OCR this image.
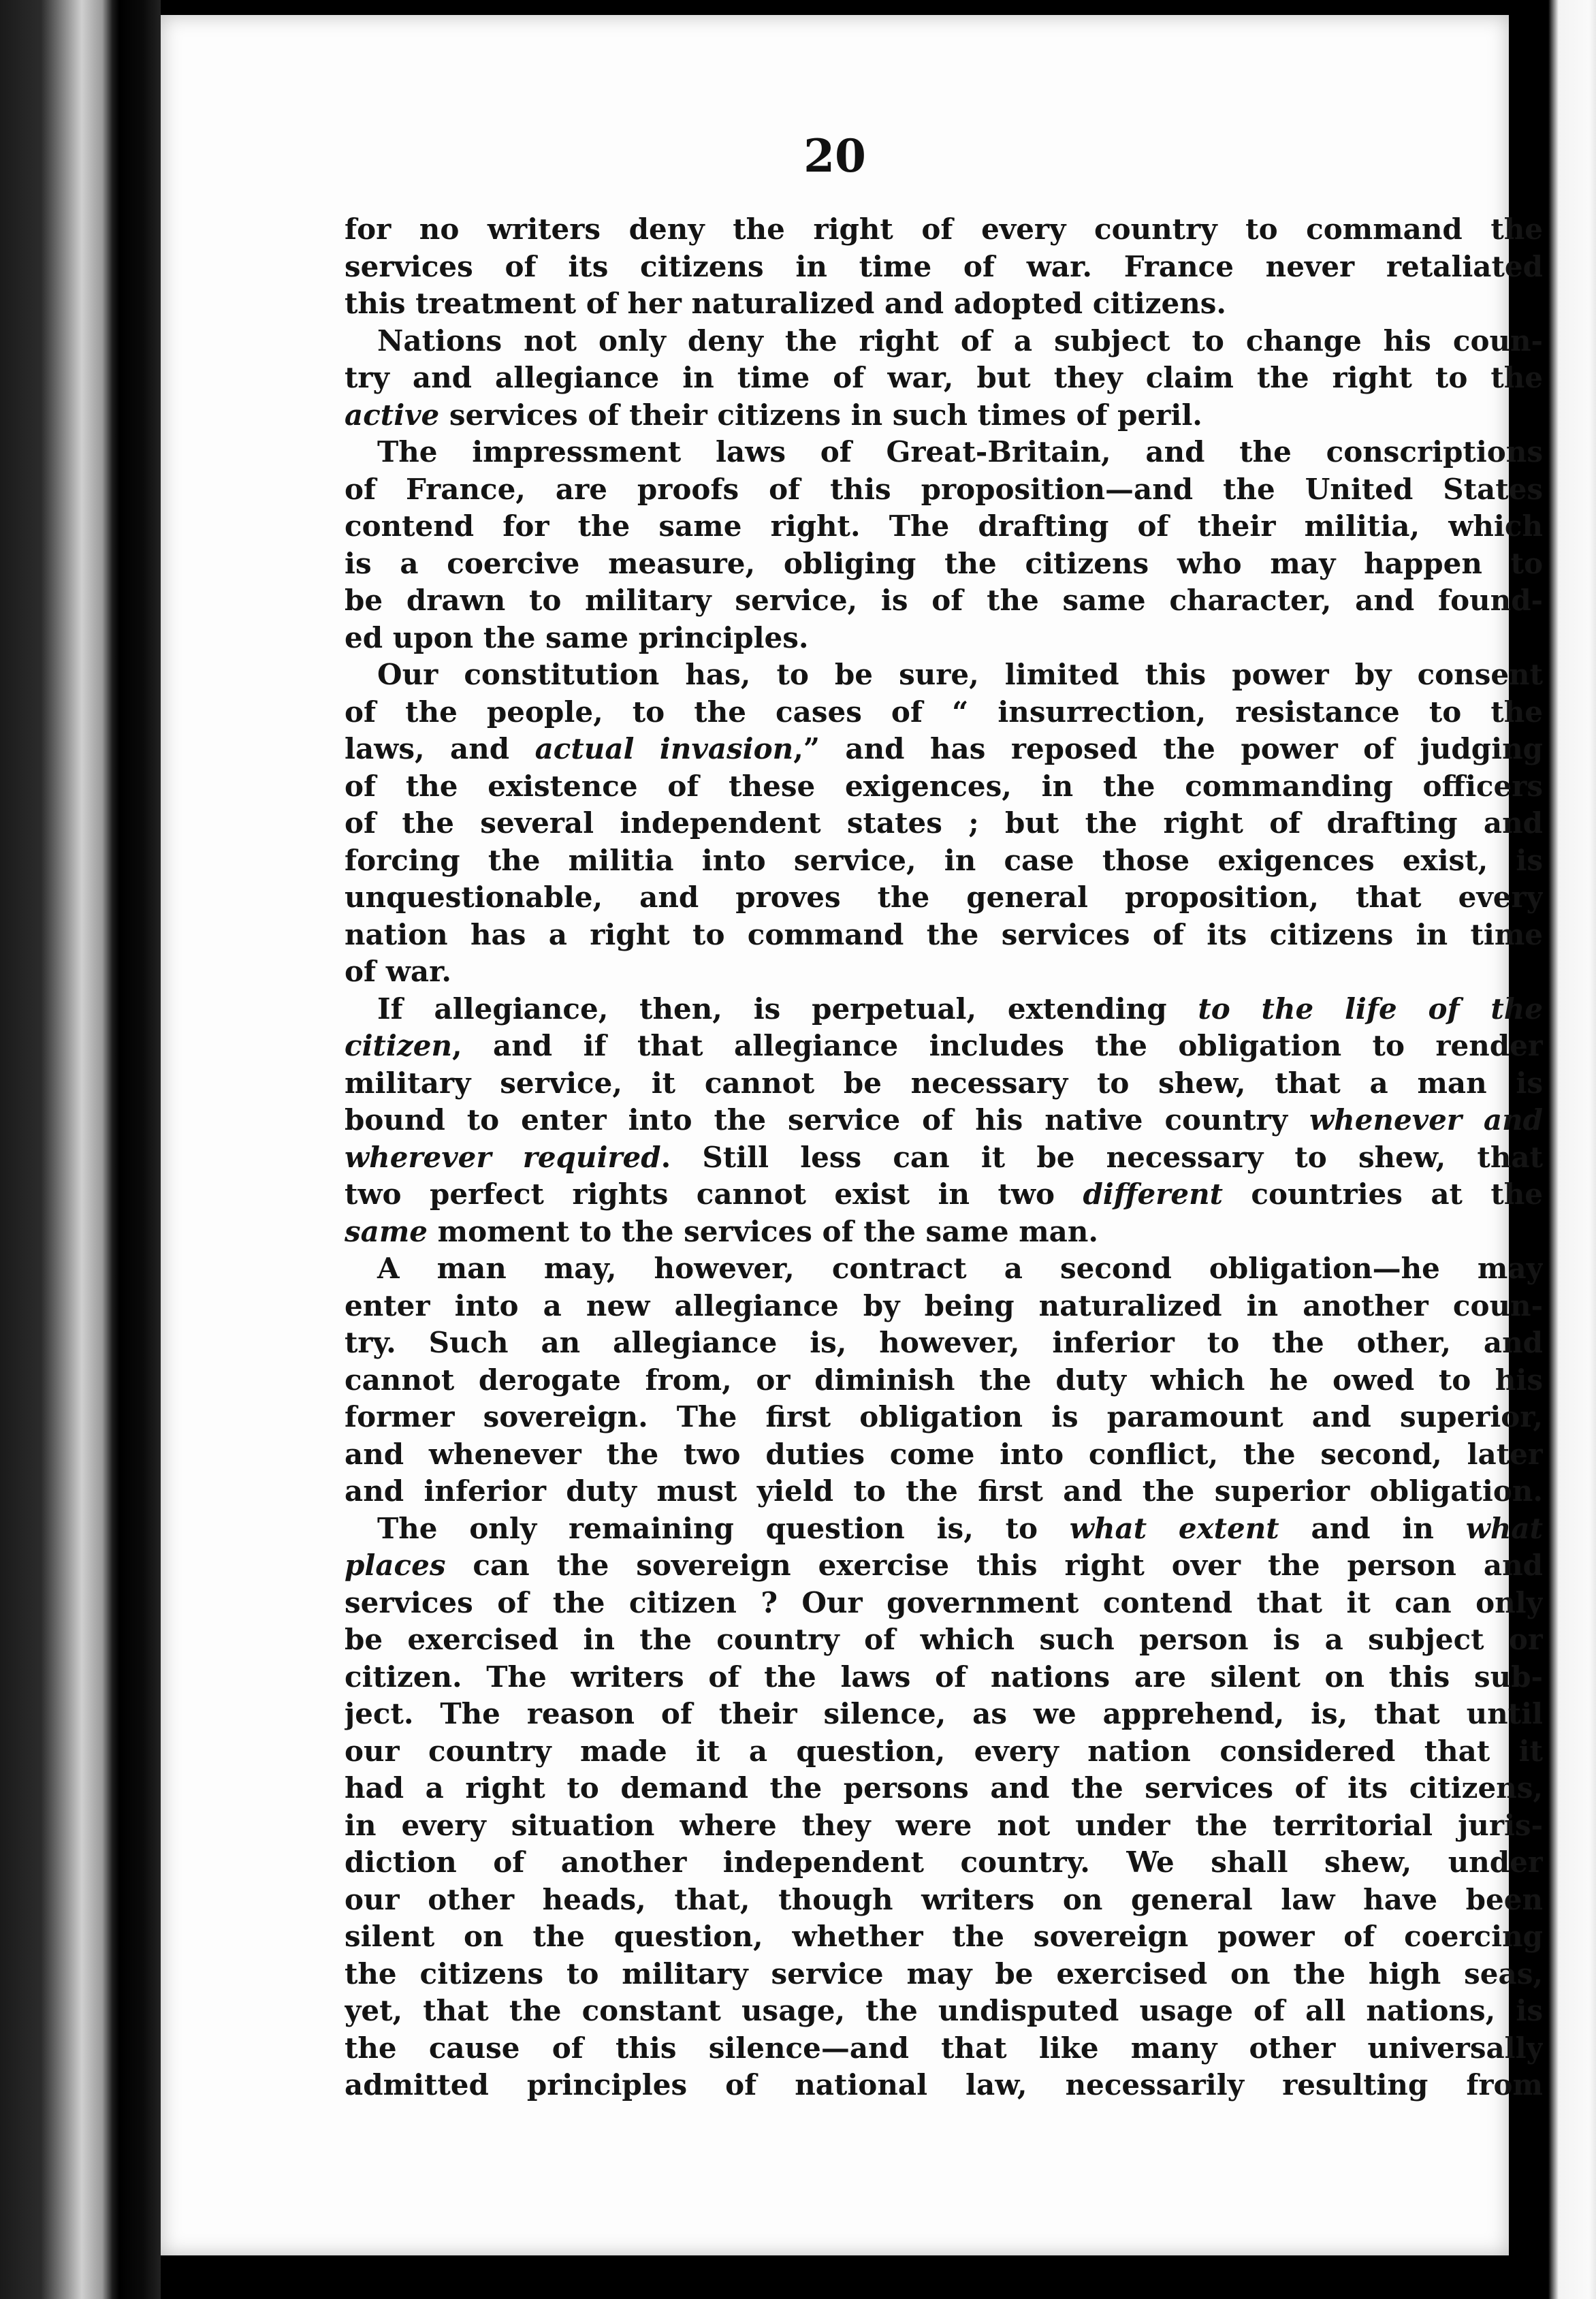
20
for no writers deny the right of every country to command the
services of its citizens in time of war. France never retaliated
this treatment of her naturalized and adopted citizens.
Nations not only deny the right of a subject to change his coun-
try and allegiance in time of war, but they claim the right to the
active services of their citizens in such times of peril.
The impressment laws of Great-Britain, and the conscriptions
of France, are proofs of this proposition—and the United States
contend for the same right. The drafting of their militia, which
is a coercive measure, obliging the citizens who may happen to
be drawn to military service, is of the same character, and found-
ed upon the same principles.
Our constitution has, to be sure, limited this power by consent
of the people, to the cases of “ insurrection, resistance to the
laws, and actual invasion,” and has reposed the power of judging
of the existence of these exigences, in the commanding officers
of the several independent states ; but the right of drafting and
forcing the militia into service, in case those exigences exist, is
unquestionable, and proves the general proposition, that every
nation has a right to command the services of its citizens in time
of war.
If allegiance, then, is perpetual, extending to the life of the
citizen, and if that allegiance includes the obligation to render
military service, it cannot be necessary to shew, that a man is
bound to enter into the service of his native country whenever and
wherever required. Still less can it be necessary to shew, that
two perfect rights cannot exist in two different countries at the
same moment to the services of the same man.
A man may, however, contract a second obligation—he may
enter into a new allegiance by being naturalized in another coun-
try. Such an allegiance is, however, inferior to the other, and
cannot derogate from, or diminish the duty which he owed to his
former sovereign. The first obligation is paramount and superior,
and whenever the two duties come into conflict, the second, later
and inferior duty must yield to the first and the superior obligation.
The only remaining question is, to what extent and in what
places can the sovereign exercise this right over the person and
services of the citizen ? Our government contend that it can only
be exercised in the country of which such person is a subject or
citizen. The writers of the laws of nations are silent on this sub-
ject. The reason of their silence, as we apprehend, is, that until
our country made it a question, every nation considered that it
had a right to demand the persons and the services of its citizens,
in every situation where they were not under the territorial juris-
diction of another independent country. We shall shew, under
our other heads, that, though writers on general law have been
silent on the question, whether the sovereign power of coercing
the citizens to military service may be exercised on the high seas,
yet, that the constant usage, the undisputed usage of all nations, is
the cause of this silence—and that like many other universally
admitted principles of national law, necessarily resulting from
